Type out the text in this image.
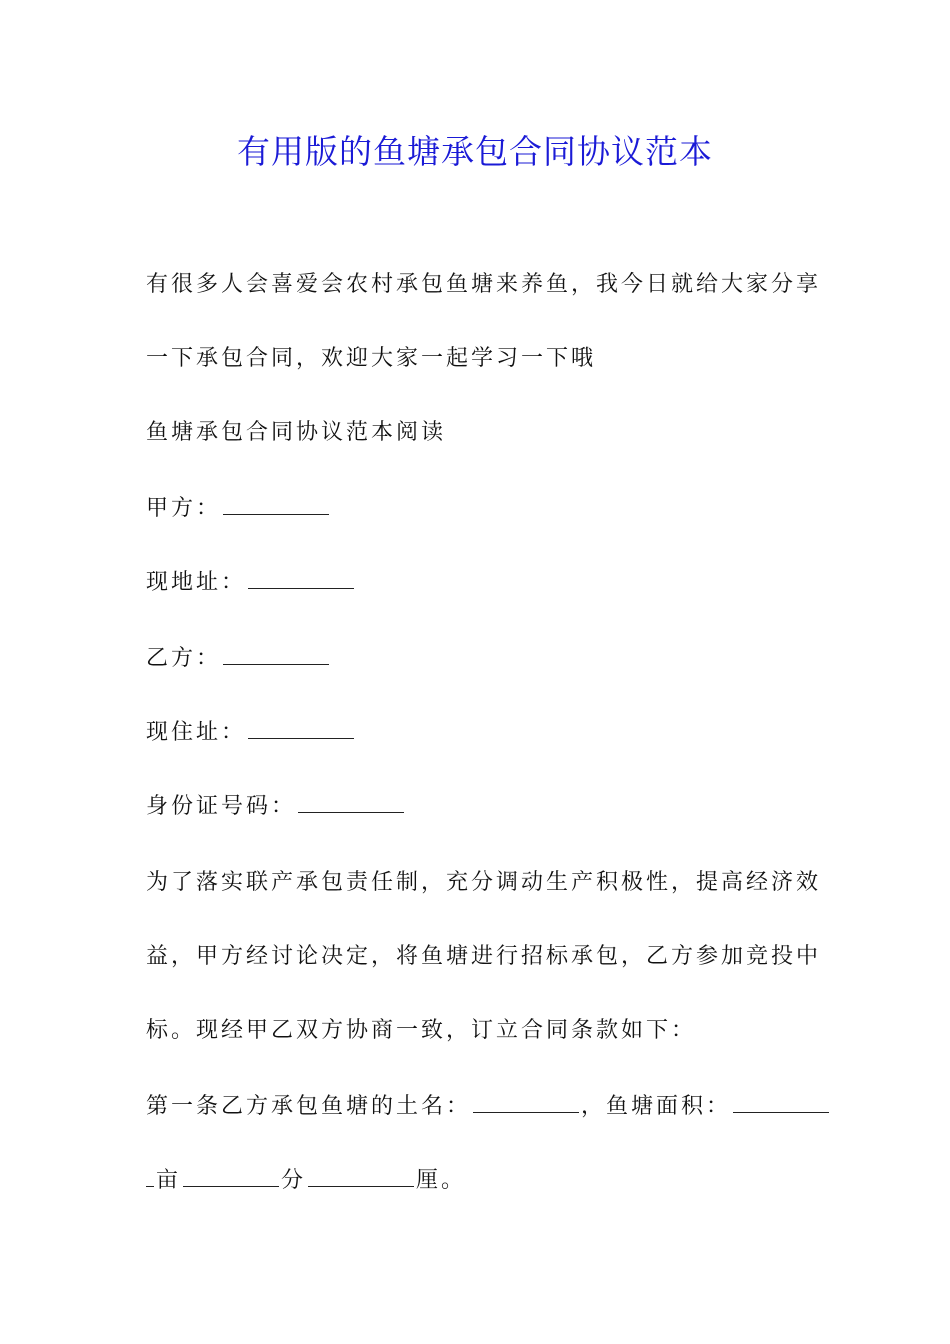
有用版的鱼塘承包合同协议范本
有很多人会喜爱会农村承包鱼塘来养鱼，我今日就给大家分享
一下承包合同，欢迎大家一起学习一下哦
鱼塘承包合同协议范本阅读
甲方：
现地址：
乙方：
现住址：
身份证号码：
为了落实联产承包责任制，充分调动生产积极性，提高经济效
益，甲方经讨论决定，将鱼塘进行招标承包，乙方参加竞投中
标。现经甲乙双方协商一致，订立合同条款如下：
第一条乙方承包鱼塘的土名：	，鱼塘面积：
亩	分	厘。
